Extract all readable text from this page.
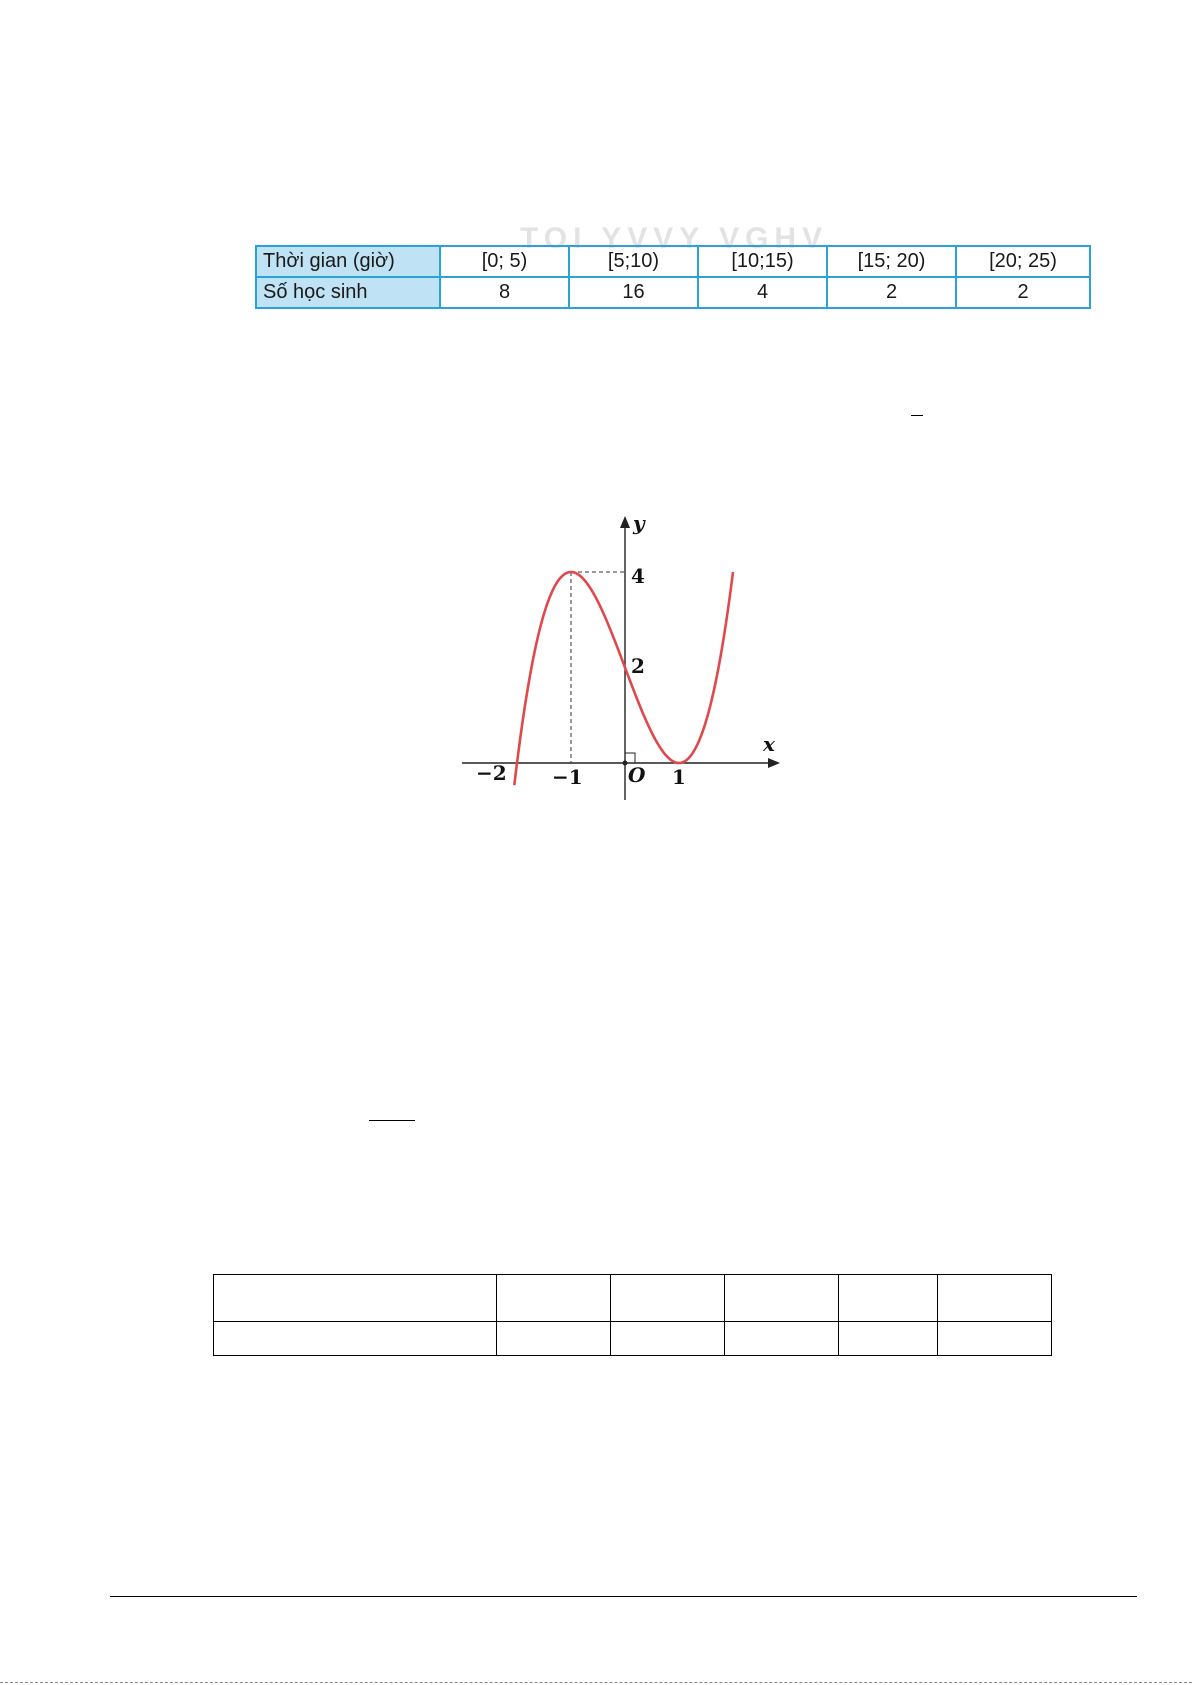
TOI YVVY VGHV
Thời gian (giờ)	[0; 5)	[5;10)	[10;15)	[15; 20)	[20; 25)
Số học sinh	8	16	4	2	2
y
x
4
2
O
−2 −1	1
